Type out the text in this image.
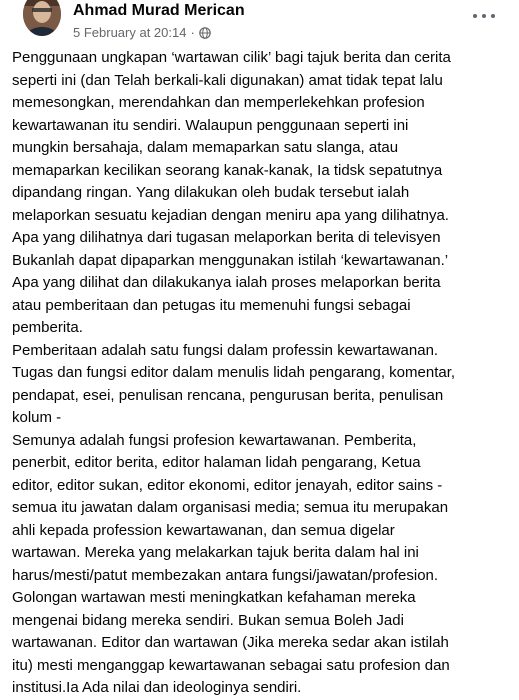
Ahmad Murad Merican
5 February at 20:14 ·

Penggunaan ungkapan ‘wartawan cilik’ bagi tajuk berita dan cerita

seperti ini (dan Telah berkali-kali digunakan) amat tidak tepat lalu

memesongkan, merendahkan dan memperlekehkan profesion

kewartawanan itu sendiri. Walaupun penggunaan seperti ini

mungkin bersahaja, dalam memaparkan satu slanga, atau

memaparkan kecilikan seorang kanak-kanak, Ia tidsk sepatutnya

dipandang ringan. Yang dilakukan oleh budak tersebut ialah

melaporkan sesuatu kejadian dengan meniru apa yang dilihatnya.

Apa yang dilihatnya dari tugasan melaporkan berita di televisyen

Bukanlah dapat dipaparkan menggunakan istilah ‘kewartawanan.’

Apa yang dilihat dan dilakukanya ialah proses melaporkan berita

atau pemberitaan dan petugas itu memenuhi fungsi sebagai

pemberita.

Pemberitaan adalah satu fungsi dalam professin kewartawanan.

Tugas dan fungsi editor dalam menulis lidah pengarang, komentar,

pendapat, esei, penulisan rencana, pengurusan berita, penulisan

kolum -

Semunya adalah fungsi profesion kewartawanan. Pemberita,

penerbit, editor berita, editor halaman lidah pengarang, Ketua

editor, editor sukan, editor ekonomi, editor jenayah, editor sains -

semua itu jawatan dalam organisasi media; semua itu merupakan

ahli kepada profession kewartawanan, dan semua digelar

wartawan. Mereka yang melakarkan tajuk berita dalam hal ini

harus/mesti/patut membezakan antara fungsi/jawatan/profesion.

Golongan wartawan mesti meningkatkan kefahaman mereka

mengenai bidang mereka sendiri. Bukan semua Boleh Jadi

wartawanan. Editor dan wartawan (Jika mereka sedar akan istilah

itu) mesti menganggap kewartawanan sebagai satu profesion dan

institusi.Ia Ada nilai dan ideologinya sendiri.
